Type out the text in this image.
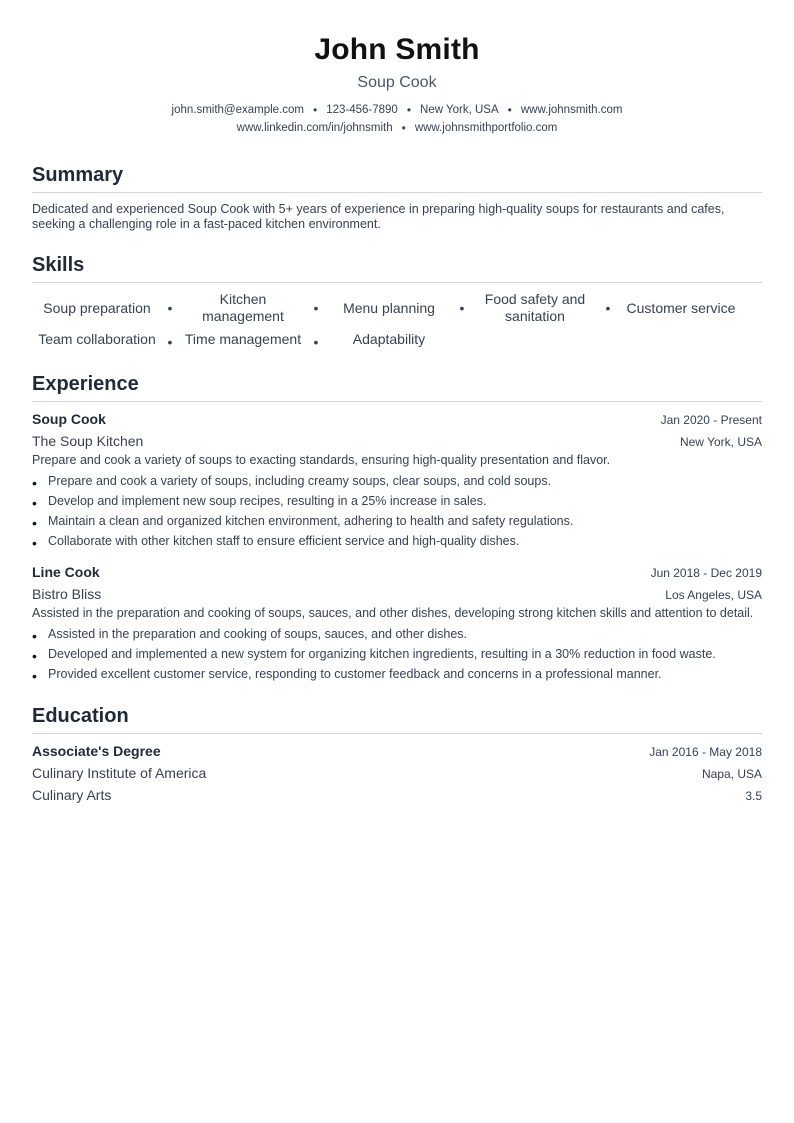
John Smith
Soup Cook
john.smith@example.com • 123-456-7890 • New York, USA • www.johnsmith.com
www.linkedin.com/in/johnsmith • www.johnsmithportfolio.com
Summary
Dedicated and experienced Soup Cook with 5+ years of experience in preparing high-quality soups for restaurants and cafes, seeking a challenging role in a fast-paced kitchen environment.
Skills
Soup preparation	•
Kitchen management	•	Menu planning	•
Food safety and sanitation	•	Customer service
Team collaboration • Time management •	Adaptability
Experience
Soup Cook	Jan 2020 - Present
The Soup Kitchen	New York, USA
Prepare and cook a variety of soups to exacting standards, ensuring high-quality presentation and flavor.
• Prepare and cook a variety of soups, including creamy soups, clear soups, and cold soups.
• Develop and implement new soup recipes, resulting in a 25% increase in sales.
• Maintain a clean and organized kitchen environment, adhering to health and safety regulations.
• Collaborate with other kitchen staff to ensure efficient service and high-quality dishes.
Line Cook	Jun 2018 - Dec 2019
Bistro Bliss	Los Angeles, USA
Assisted in the preparation and cooking of soups, sauces, and other dishes, developing strong kitchen skills and attention to detail.
• Assisted in the preparation and cooking of soups, sauces, and other dishes.
• Developed and implemented a new system for organizing kitchen ingredients, resulting in a 30% reduction in food waste.
• Provided excellent customer service, responding to customer feedback and concerns in a professional manner.
Education
Associate's Degree	Jan 2016 - May 2018
Culinary Institute of America	Napa, USA
Culinary Arts	3.5
